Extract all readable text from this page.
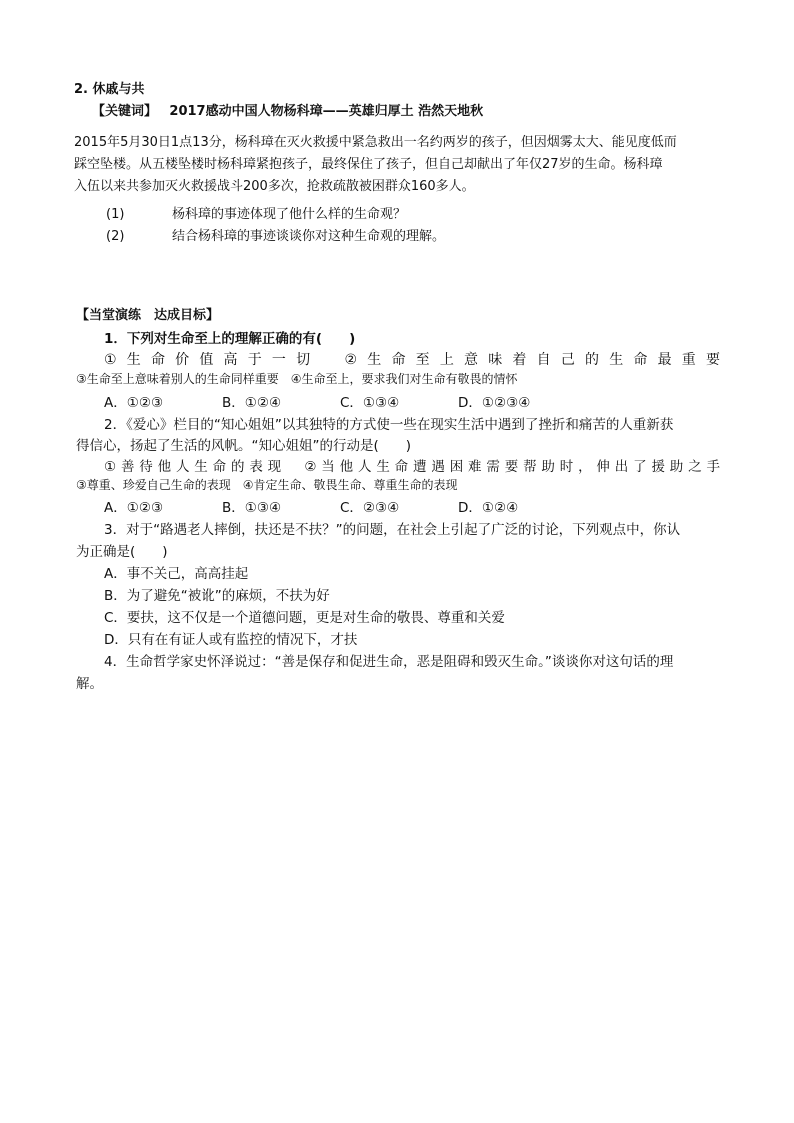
2. 休戚与共
【关键词】 2017感动中国人物杨科璋——英雄归厚土 浩然天地秋
2015年5月30日1点13分，杨科璋在灭火救援中紧急救出一名约两岁的孩子，但因烟雾太大、能见度低而
踩空坠楼。从五楼坠楼时杨科璋紧抱孩子，最终保住了孩子，但自己却献出了年仅27岁的生命。杨科璋
入伍以来共参加灭火救援战斗200多次，抢救疏散被困群众160多人。
(1)	杨科璋的事迹体现了他什么样的生命观？
(2)	结合杨科璋的事迹谈谈你对这种生命观的理解。
【当堂演练　达成目标】
1．下列对生命至上的理解正确的有(　　)
①生命价值高于一切　②生命至上意味着自己的生命最重要
③生命至上意味着别人的生命同样重要　④生命至上，要求我们对生命有敬畏的情怀
A．①②③	B．①②④	C．①③④	D．①②③④
2．《爱心》栏目的“知心姐姐”以其独特的方式使一些在现实生活中遇到了挫折和痛苦的人重新获
得信心，扬起了生活的风帆。“知心姐姐”的行动是(　　)
①善待他人生命的表现　②当他人生命遭遇困难需要帮助时，伸出了援助之手
③尊重、珍爱自己生命的表现　④肯定生命、敬畏生命、尊重生命的表现
A．①②③	B．①③④	C．②③④	D．①②④
3．对于“路遇老人摔倒，扶还是不扶？”的问题，在社会上引起了广泛的讨论，下列观点中，你认
为正确是(　　)
A．事不关己，高高挂起
B．为了避免“被讹”的麻烦，不扶为好
C．要扶，这不仅是一个道德问题，更是对生命的敬畏、尊重和关爱
D．只有在有证人或有监控的情况下，才扶
4．生命哲学家史怀泽说过：“善是保存和促进生命，恶是阻碍和毁灭生命。”谈谈你对这句话的理
解。
